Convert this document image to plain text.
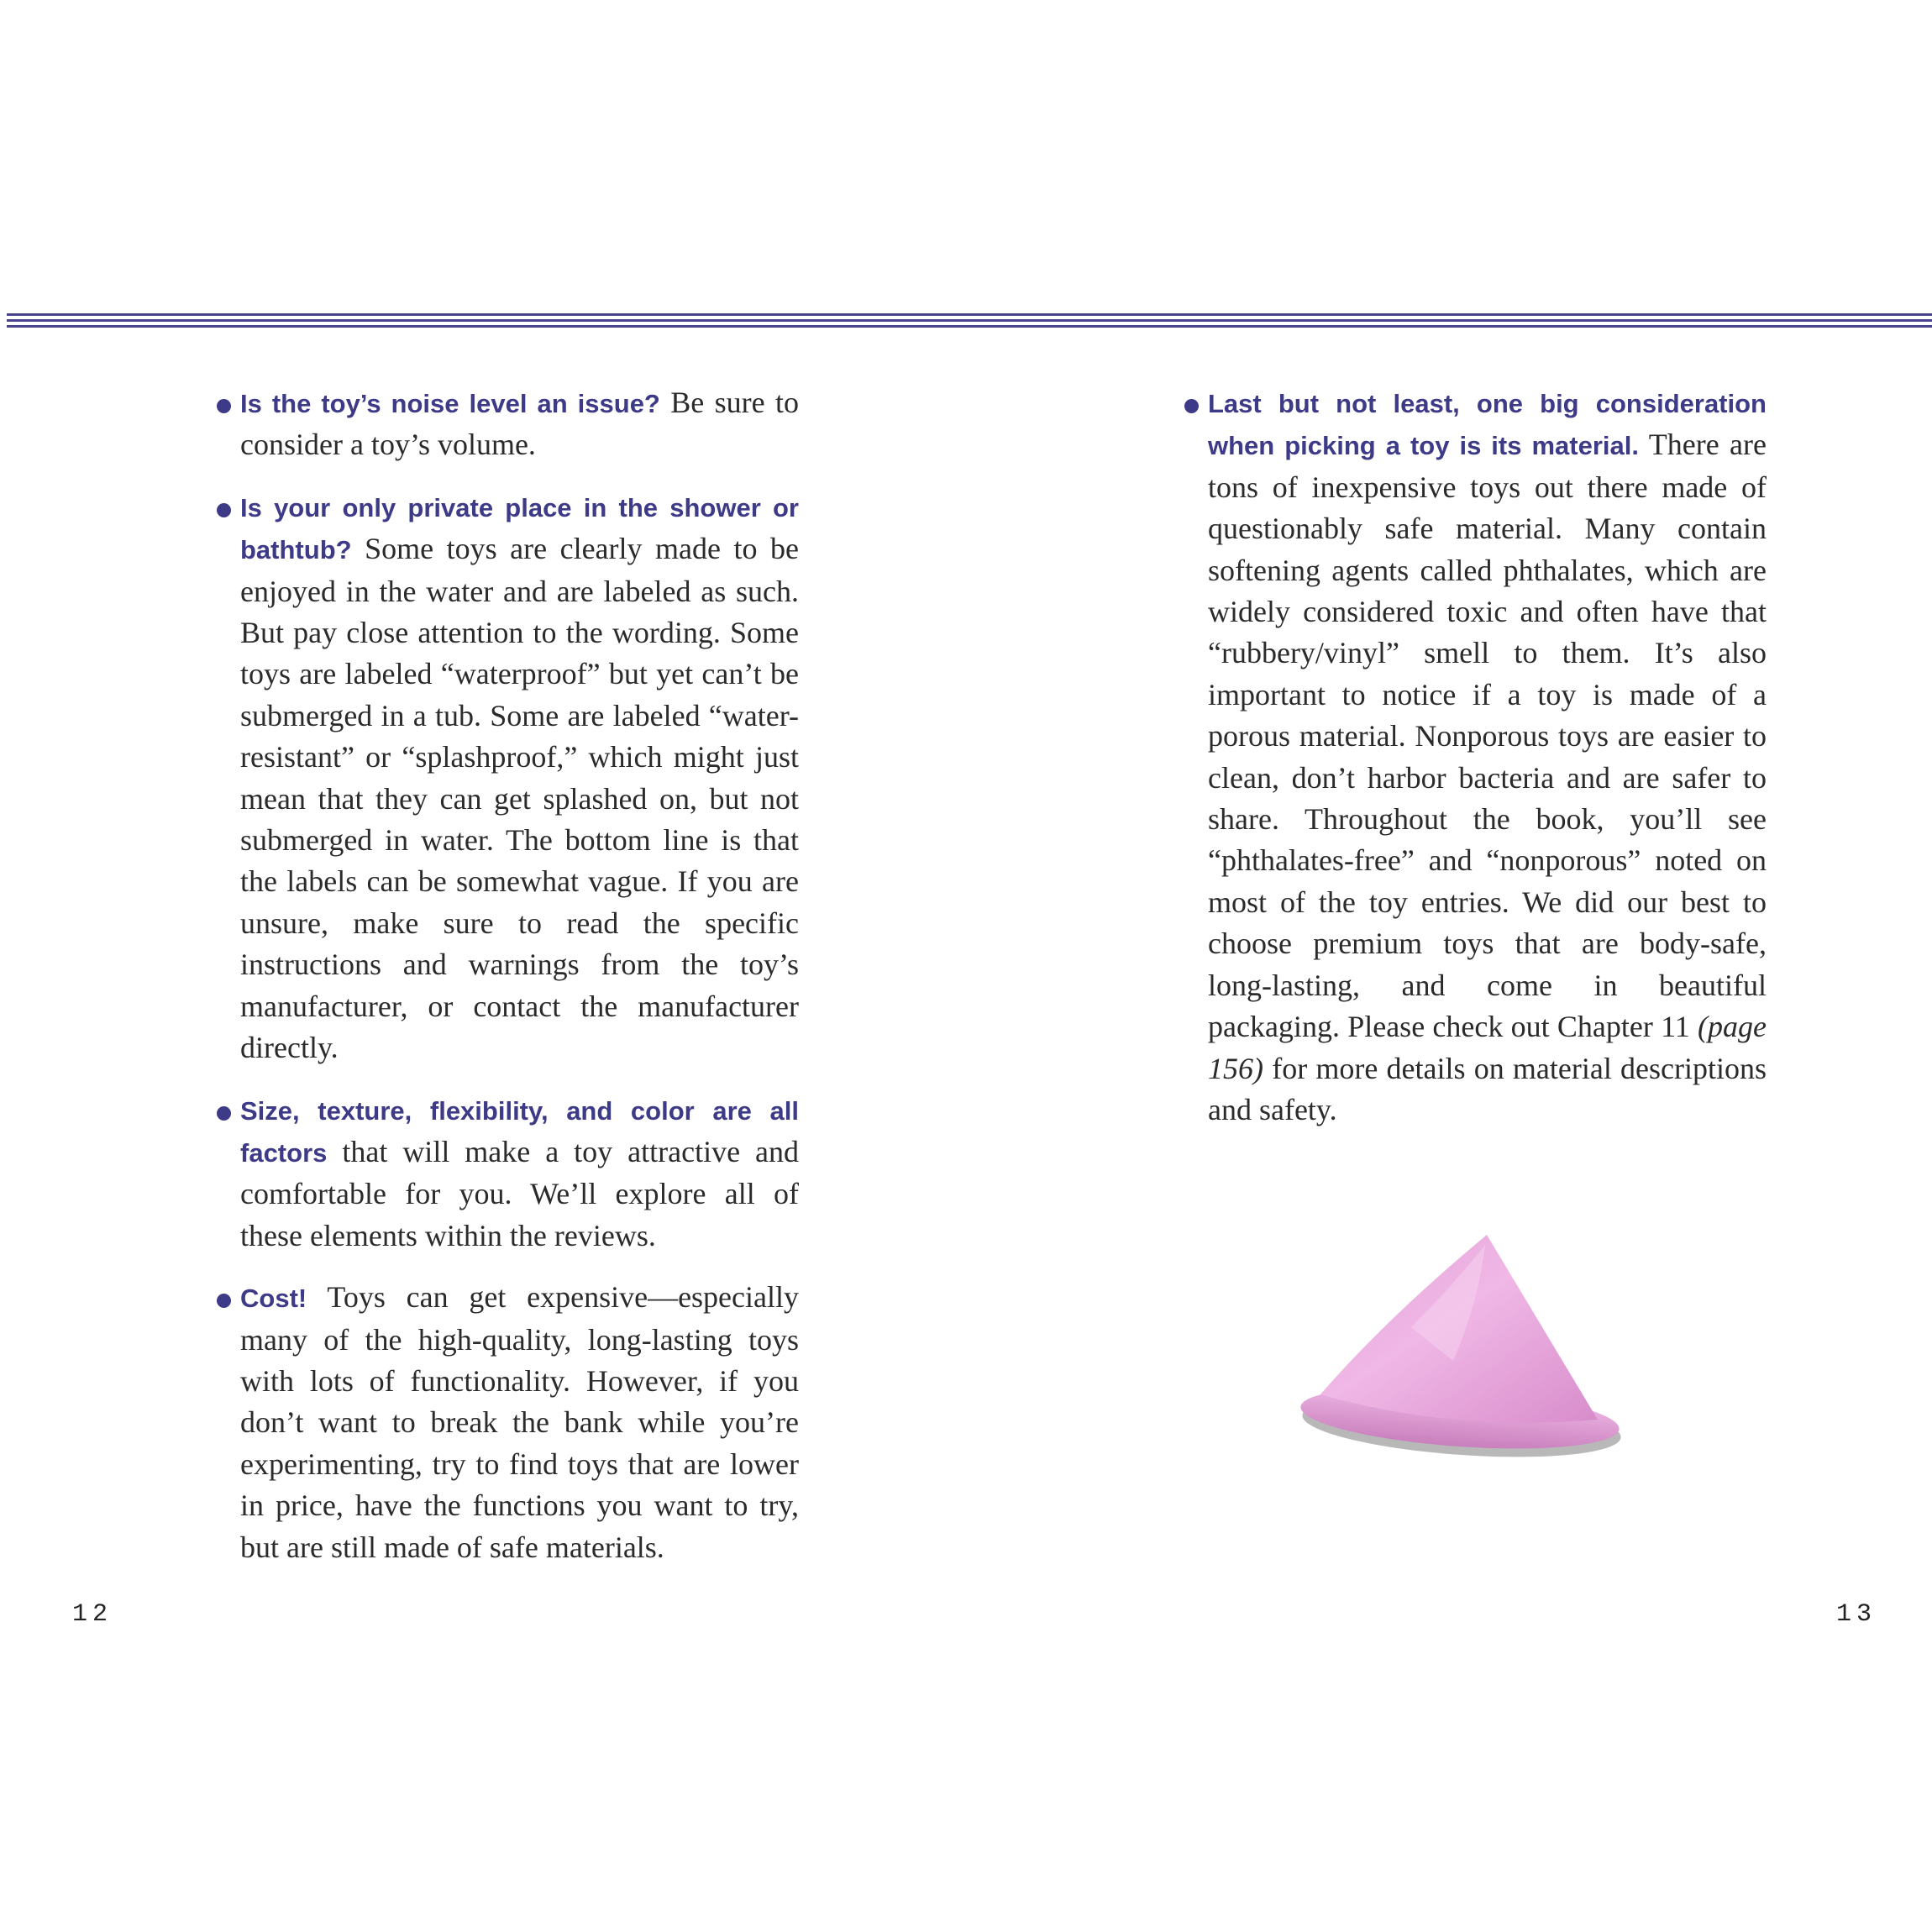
Is the toy’s noise level an issue? Be sure to consider a toy’s volume.

Is your only private place in the shower or bathtub? Some toys are clearly made to be enjoyed in the water and are labeled as such. But pay close attention to the wording. Some toys are labeled “waterproof” but yet can’t be submerged in a tub. Some are labeled “water-resistant” or “splashproof,” which might just mean that they can get splashed on, but not submerged in water. The bottom line is that the labels can be somewhat vague. If you are unsure, make sure to read the specific instructions and warnings from the toy’s manufacturer, or contact the manufacturer directly.

Size, texture, flexibility, and color are all factors that will make a toy attractive and comfortable for you. We’ll explore all of these elements within the reviews.

Cost! Toys can get expensive—especially many of the high-quality, long-lasting toys with lots of functionality. However, if you don’t want to break the bank while you’re experimenting, try to find toys that are lower in price, have the functions you want to try, but are still made of safe materials.

12

Last but not least, one big consideration when picking a toy is its material. There are tons of inexpensive toys out there made of questionably safe material. Many contain softening agents called phthalates, which are widely considered toxic and often have that “rubbery/vinyl” smell to them. It’s also important to notice if a toy is made of a porous material. Nonporous toys are easier to clean, don’t harbor bacteria and are safer to share. Throughout the book, you’ll see “phthalates-free” and “nonporous” noted on most of the toy entries. We did our best to choose premium toys that are body-safe, long-lasting, and come in beautiful packaging. Please check out Chapter 11 (page 156) for more details on material descriptions and safety.

13
